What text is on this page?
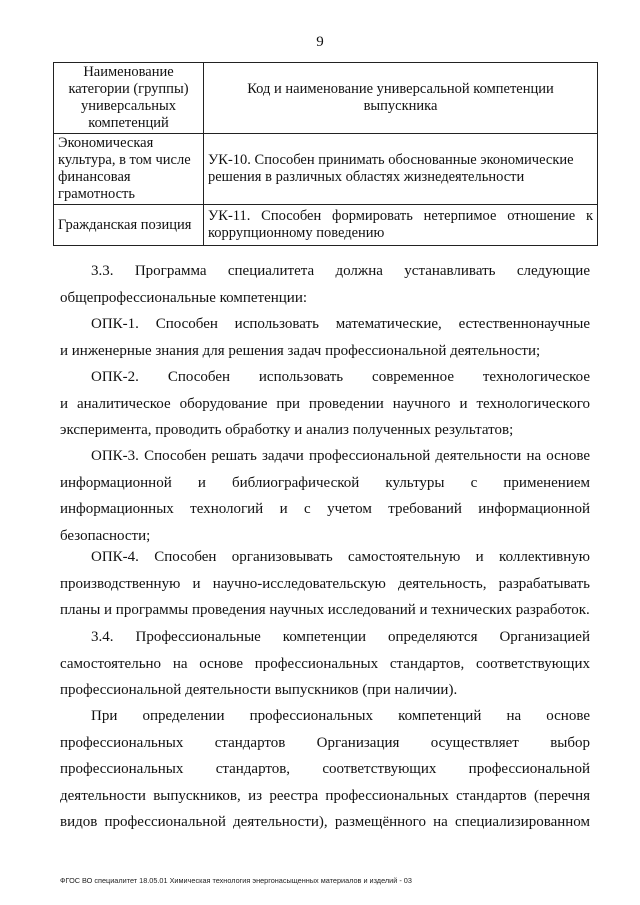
9
Наименование категории (группы) универсальных компетенций	Код и наименование универсальной компетенции выпускника
Экономическая культура, в том числе финансовая грамотность	УК-10. Способен принимать обоснованные экономические решения в различных областях жизнедеятельности
Гражданская позиция	УК-11. Способен формировать нетерпимое отношение к коррупционному поведению

3.3. Программа специалитета должна устанавливать следующие
общепрофессиональные компетенции:

ОПК-1. Способен использовать математические, естественнонаучные
и инженерные знания для решения задач профессиональной деятельности;

ОПК-2. Способен использовать современное технологическое
и аналитическое оборудование при проведении научного и технологического
эксперимента, проводить обработку и анализ полученных результатов;

ОПК-3. Способен решать задачи профессиональной деятельности на основе
информационной и библиографической культуры с применением
информационных технологий и с учетом требований информационной
безопасности;

ОПК-4. Способен организовывать самостоятельную и коллективную
производственную и научно-исследовательскую деятельность, разрабатывать
планы и программы проведения научных исследований и технических разработок.

3.4. Профессиональные компетенции определяются Организацией
самостоятельно на основе профессиональных стандартов, соответствующих
профессиональной деятельности выпускников (при наличии).

При определении профессиональных компетенций на основе
профессиональных стандартов Организация осуществляет выбор
профессиональных стандартов, соответствующих профессиональной
деятельности выпускников, из реестра профессиональных стандартов (перечня
видов профессиональной деятельности), размещённого на специализированном

ФГОС ВО специалитет 18.05.01 Химическая технология энергонасыщенных материалов и изделий - 03
